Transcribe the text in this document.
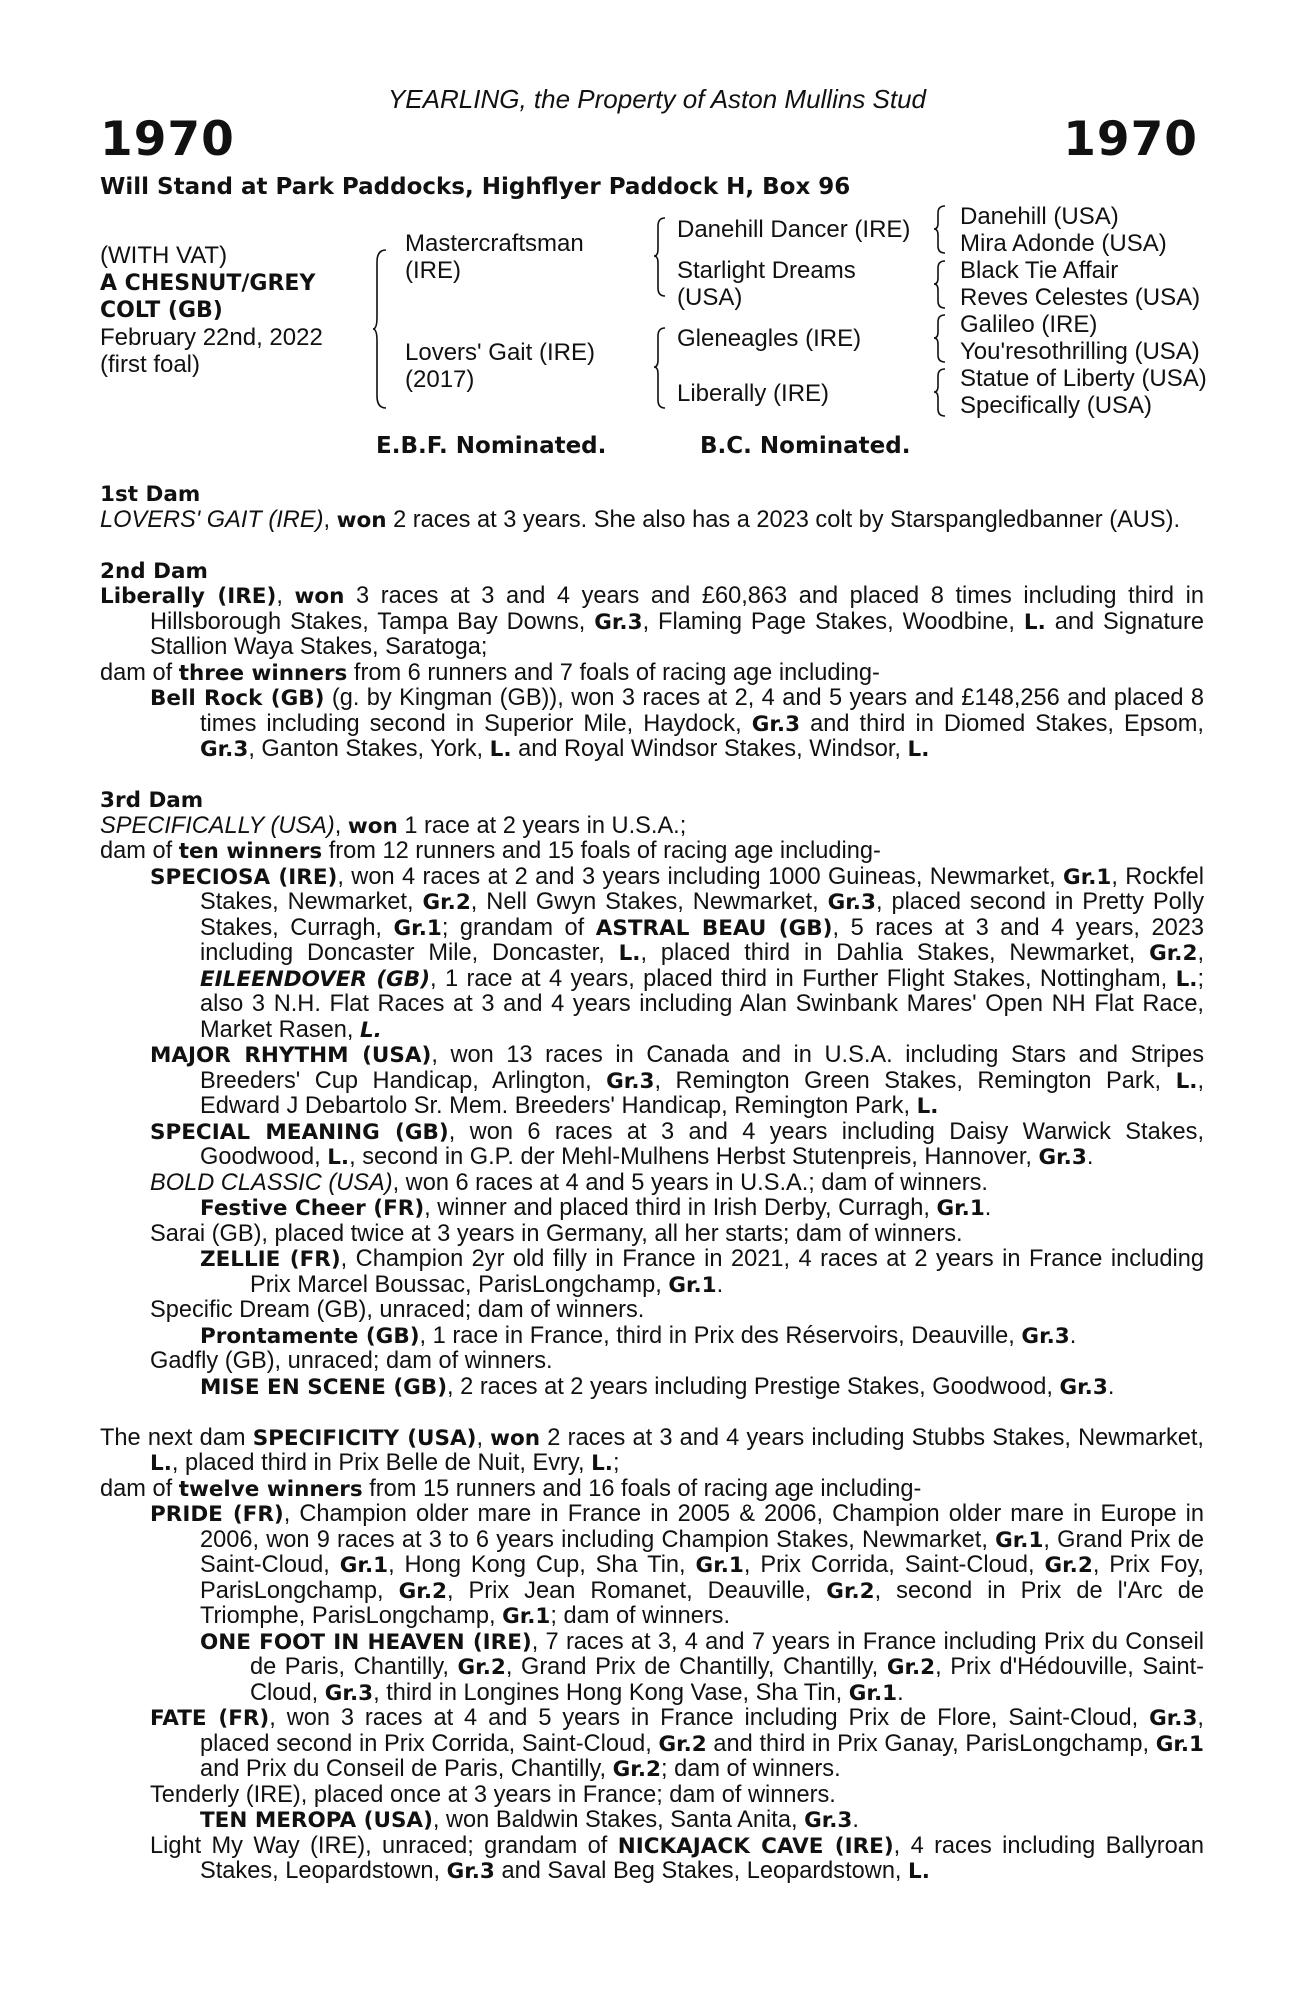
YEARLING, the Property of Aston Mullins Stud
1970	1970
Will Stand at Park Paddocks, Highflyer Paddock H, Box 96
(WITH VAT)
A CHESNUT/GREY
COLT (GB)
February 22nd, 2022
(first foal)
Mastercraftsman
(IRE)
Lovers' Gait (IRE)
(2017)
Danehill Dancer (IRE)
Starlight Dreams
(USA)
Gleneagles (IRE)
Liberally (IRE)
Danehill (USA)
Mira Adonde (USA)
Black Tie Affair
Reves Celestes (USA)
Galileo (IRE)
You'resothrilling (USA)
Statue of Liberty (USA)
Specifically (USA)
E.B.F. Nominated.	B.C. Nominated.

1st Dam

LOVERS' GAIT (IRE), won 2 races at 3 years. She also has a 2023 colt by Starspangledbanner (AUS).

2nd Dam

Liberally (IRE), won 3 races at 3 and 4 years and £60,863 and placed 8 times including third in Hillsborough Stakes, Tampa Bay Downs, Gr.3, Flaming Page Stakes, Woodbine, L. and Signature Stallion Waya Stakes, Saratoga;

dam of three winners from 6 runners and 7 foals of racing age including-

Bell Rock (GB) (g. by Kingman (GB)), won 3 races at 2, 4 and 5 years and £148,256 and placed 8 times including second in Superior Mile, Haydock, Gr.3 and third in Diomed Stakes, Epsom, Gr.3, Ganton Stakes, York, L. and Royal Windsor Stakes, Windsor, L.

3rd Dam

SPECIFICALLY (USA), won 1 race at 2 years in U.S.A.;

dam of ten winners from 12 runners and 15 foals of racing age including-

SPECIOSA (IRE), won 4 races at 2 and 3 years including 1000 Guineas, Newmarket, Gr.1, Rockfel Stakes, Newmarket, Gr.2, Nell Gwyn Stakes, Newmarket, Gr.3, placed second in Pretty Polly Stakes, Curragh, Gr.1; grandam of ASTRAL BEAU (GB), 5 races at 3 and 4 years, 2023 including Doncaster Mile, Doncaster, L., placed third in Dahlia Stakes, Newmarket, Gr.2, EILEENDOVER (GB), 1 race at 4 years, placed third in Further Flight Stakes, Nottingham, L.; also 3 N.H. Flat Races at 3 and 4 years including Alan Swinbank Mares' Open NH Flat Race, Market Rasen, L.

MAJOR RHYTHM (USA), won 13 races in Canada and in U.S.A. including Stars and Stripes Breeders' Cup Handicap, Arlington, Gr.3, Remington Green Stakes, Remington Park, L., Edward J Debartolo Sr. Mem. Breeders' Handicap, Remington Park, L.

SPECIAL MEANING (GB), won 6 races at 3 and 4 years including Daisy Warwick Stakes, Goodwood, L., second in G.P. der Mehl-Mulhens Herbst Stutenpreis, Hannover, Gr.3.

BOLD CLASSIC (USA), won 6 races at 4 and 5 years in U.S.A.; dam of winners.

Festive Cheer (FR), winner and placed third in Irish Derby, Curragh, Gr.1.

Sarai (GB), placed twice at 3 years in Germany, all her starts; dam of winners.

ZELLIE (FR), Champion 2yr old filly in France in 2021, 4 races at 2 years in France including Prix Marcel Boussac, ParisLongchamp, Gr.1.

Specific Dream (GB), unraced; dam of winners.

Prontamente (GB), 1 race in France, third in Prix des Réservoirs, Deauville, Gr.3.

Gadfly (GB), unraced; dam of winners.

MISE EN SCENE (GB), 2 races at 2 years including Prestige Stakes, Goodwood, Gr.3.

The next dam SPECIFICITY (USA), won 2 races at 3 and 4 years including Stubbs Stakes, Newmarket, L., placed third in Prix Belle de Nuit, Evry, L.;

dam of twelve winners from 15 runners and 16 foals of racing age including-

PRIDE (FR), Champion older mare in France in 2005 & 2006, Champion older mare in Europe in 2006, won 9 races at 3 to 6 years including Champion Stakes, Newmarket, Gr.1, Grand Prix de Saint-Cloud, Gr.1, Hong Kong Cup, Sha Tin, Gr.1, Prix Corrida, Saint-Cloud, Gr.2, Prix Foy, ParisLongchamp, Gr.2, Prix Jean Romanet, Deauville, Gr.2, second in Prix de l'Arc de Triomphe, ParisLongchamp, Gr.1; dam of winners.

ONE FOOT IN HEAVEN (IRE), 7 races at 3, 4 and 7 years in France including Prix du Conseil de Paris, Chantilly, Gr.2, Grand Prix de Chantilly, Chantilly, Gr.2, Prix d'Hédouville, Saint-Cloud, Gr.3, third in Longines Hong Kong Vase, Sha Tin, Gr.1.

FATE (FR), won 3 races at 4 and 5 years in France including Prix de Flore, Saint-Cloud, Gr.3, placed second in Prix Corrida, Saint-Cloud, Gr.2 and third in Prix Ganay, ParisLongchamp, Gr.1 and Prix du Conseil de Paris, Chantilly, Gr.2; dam of winners.

Tenderly (IRE), placed once at 3 years in France; dam of winners.

TEN MEROPA (USA), won Baldwin Stakes, Santa Anita, Gr.3.

Light My Way (IRE), unraced; grandam of NICKAJACK CAVE (IRE), 4 races including Ballyroan Stakes, Leopardstown, Gr.3 and Saval Beg Stakes, Leopardstown, L.
